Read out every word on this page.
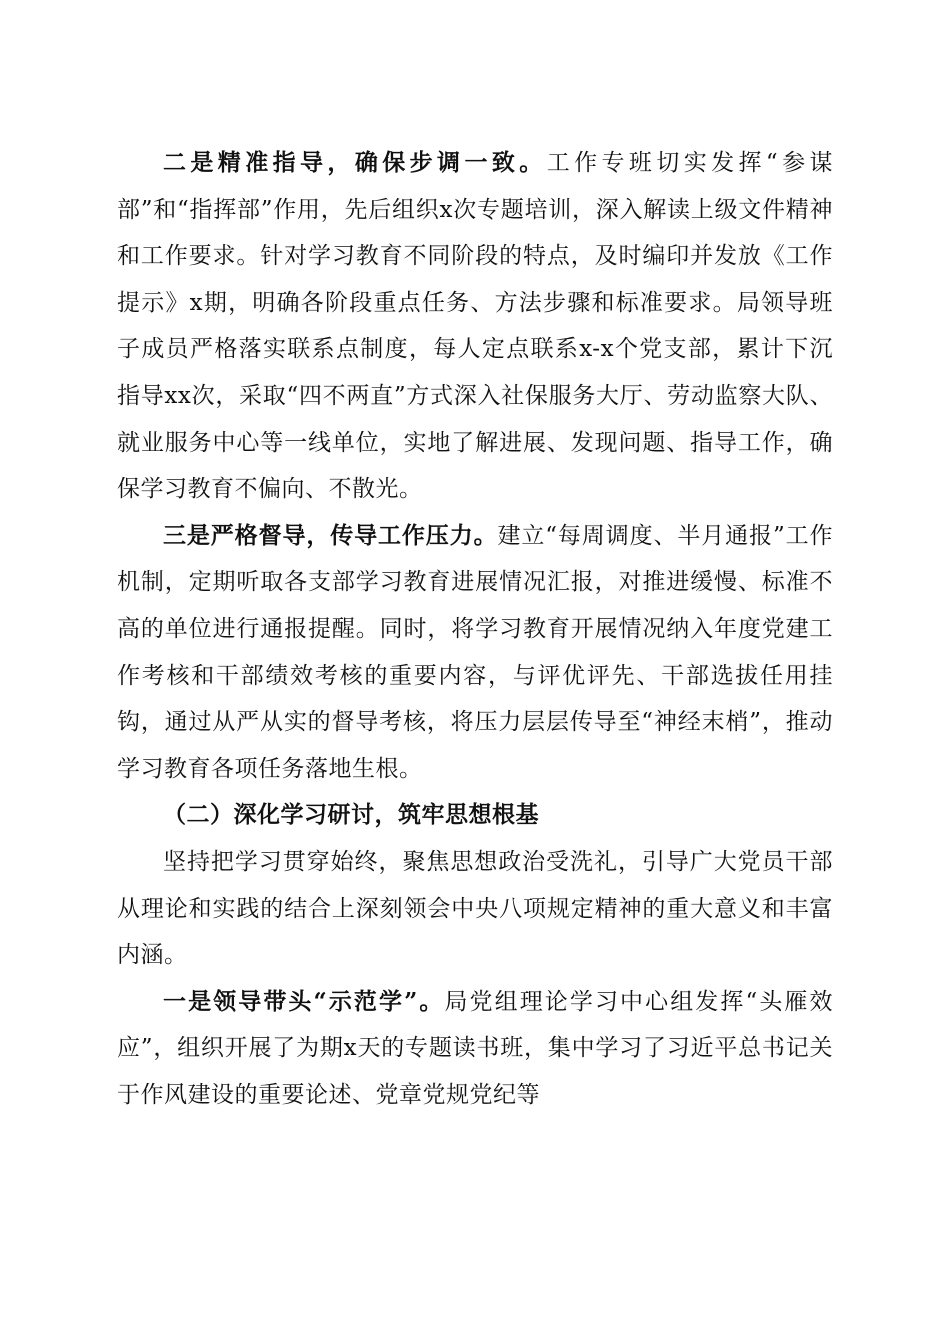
二是精准指导，确保步调一致。工作专班切实发挥“参谋部”和“指挥部”作用，先后组织x次专题培训，深入解读上级文件精神和工作要求。针对学习教育不同阶段的特点，及时编印并发放《工作提示》x期，明确各阶段重点任务、方法步骤和标准要求。局领导班子成员严格落实联系点制度，每人定点联系x-x个党支部，累计下沉指导xx次，采取“四不两直”方式深入社保服务大厅、劳动监察大队、就业服务中心等一线单位，实地了解进展、发现问题、指导工作，确保学习教育不偏向、不散光。

三是严格督导，传导工作压力。建立“每周调度、半月通报”工作机制，定期听取各支部学习教育进展情况汇报，对推进缓慢、标准不高的单位进行通报提醒。同时，将学习教育开展情况纳入年度党建工作考核和干部绩效考核的重要内容，与评优评先、干部选拔任用挂钩，通过从严从实的督导考核，将压力层层传导至“神经末梢”，推动学习教育各项任务落地生根。

（二）深化学习研讨，筑牢思想根基

坚持把学习贯穿始终，聚焦思想政治受洗礼，引导广大党员干部从理论和实践的结合上深刻领会中央八项规定精神的重大意义和丰富内涵。

一是领导带头“示范学”。局党组理论学习中心组发挥“头雁效应”，组织开展了为期x天的专题读书班，集中学习了习近平总书记关于作风建设的重要论述、党章党规党纪等
